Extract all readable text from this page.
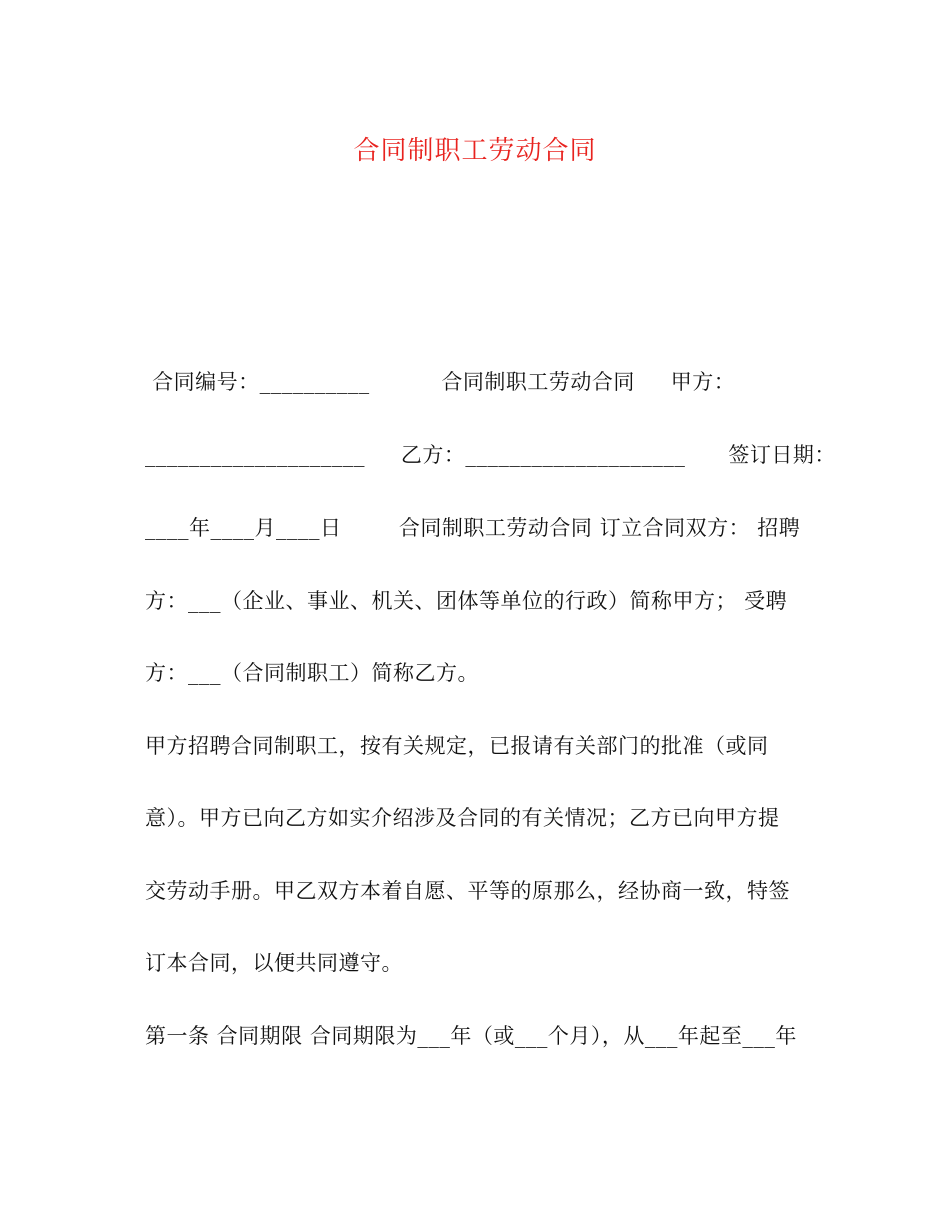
合同制职工劳动合同
合同编号：__________          合同制职工劳动合同     甲方：
____________________     乙方：____________________      签订日期：
____年____月____日        合同制职工劳动合同 订立合同双方： 招聘
方：___（企业、事业、机关、团体等单位的行政）简称甲方； 受聘
方：___（合同制职工）简称乙方。
甲方招聘合同制职工，按有关规定，已报请有关部门的批准（或同
意）。甲方已向乙方如实介绍涉及合同的有关情况；乙方已向甲方提
交劳动手册。甲乙双方本着自愿、平等的原那么，经协商一致，特签
订本合同，以便共同遵守。
第一条 合同期限 合同期限为___年（或___个月），从___年起至___年
